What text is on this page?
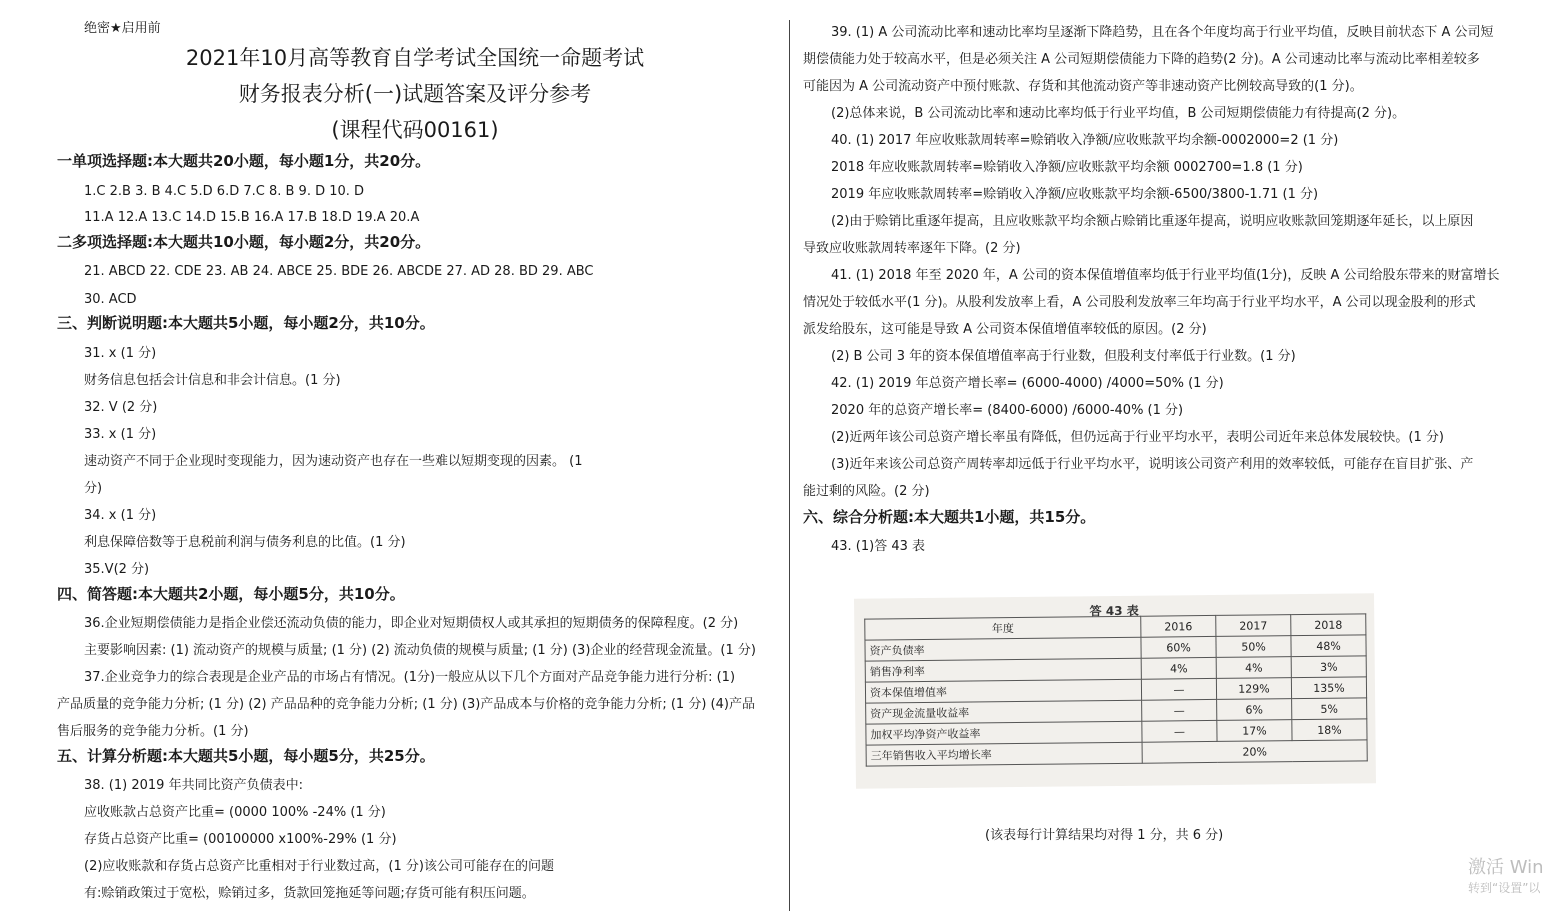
绝密★启用前
2021年10月高等教育自学考试全国统一命题考试
财务报表分析(一)试题答案及评分参考
(课程代码00161)
一单项选择题:本大题共20小题，每小题1分，共20分。
1.C 2.B 3. B 4.C 5.D 6.D 7.C 8. B 9. D 10. D
11.A 12.A 13.C 14.D 15.B 16.A 17.B 18.D 19.A 20.A
二多项选择题:本大题共10小题，每小题2分，共20分。
21. ABCD 22. CDE 23. AB 24. ABCE 25. BDE 26. ABCDE 27. AD 28. BD 29. ABC
30. ACD
三、判断说明题:本大题共5小题，每小题2分，共10分。
31. x (1 分)
财务信息包括会计信息和非会计信息。(1 分)
32. V (2 分)
33. x (1 分)
速动资产不同于企业现时变现能力，因为速动资产也存在一些难以短期变现的因素。 (1
分)
34. x (1 分)
利息保障倍数等于息税前利润与债务利息的比值。(1 分)
35.V(2 分)
四、简答题:本大题共2小题，每小题5分，共10分。
36.企业短期偿债能力是指企业偿还流动负债的能力，即企业对短期债权人或其承担的短期债务的保障程度。(2 分)
主要影响因素: (1) 流动资产的规模与质量; (1 分) (2) 流动负债的规模与质量; (1 分) (3)企业的经营现金流量。(1 分)
37.企业竞争力的综合表现是企业产品的市场占有情况。(1分)一般应从以下几个方面对产品竞争能力进行分析: (1)
产品质量的竞争能力分析; (1 分) (2) 产品品种的竞争能力分析; (1 分) (3)产品成本与价格的竞争能力分析; (1 分) (4)产品
售后服务的竞争能力分析。(1 分)
五、计算分析题:本大题共5小题，每小题5分，共25分。
38. (1) 2019 年共同比资产负债表中:
应收账款占总资产比重= (0000 100% -24% (1 分)
存货占总资产比重= (00100000 x100%-29% (1 分)
(2)应收账款和存货占总资产比重相对于行业数过高，(1 分)该公司可能存在的问题
有:赊销政策过于宽松，赊销过多，货款回笼拖延等问题;存货可能有积压问题。
39. (1) A 公司流动比率和速动比率均呈逐渐下降趋势，且在各个年度均高于行业平均值，反映目前状态下 A 公司短
期偿债能力处于较高水平，但是必须关注 A 公司短期偿债能力下降的趋势(2 分)。A 公司速动比率与流动比率相差较多
可能因为 A 公司流动资产中预付账款、存货和其他流动资产等非速动资产比例较高导致的(1 分)。
(2)总体来说，B 公司流动比率和速动比率均低于行业平均值，B 公司短期偿债能力有待提高(2 分)。
40. (1) 2017 年应收账款周转率=赊销收入净额/应收账款平均余额-0002000=2 (1 分)
2018 年应收账款周转率=赊销收入净额/应收账款平均余额 0002700=1.8 (1 分)
2019 年应收账款周转率=赊销收入净额/应收账款平均余额-6500/3800-1.71 (1 分)
(2)由于赊销比重逐年提高，且应收账款平均余额占赊销比重逐年提高，说明应收账款回笼期逐年延长，以上原因
导致应收账款周转率逐年下降。(2 分)
41. (1) 2018 年至 2020 年，A 公司的资本保值增值率均低于行业平均值(1分)，反映 A 公司给股东带来的财富增长
情况处于较低水平(1 分)。从股利发放率上看，A 公司股利发放率三年均高于行业平均水平，A 公司以现金股利的形式
派发给股东，这可能是导致 A 公司资本保值增值率较低的原因。(2 分)
(2) B 公司 3 年的资本保值增值率高于行业数，但股利支付率低于行业数。(1 分)
42. (1) 2019 年总资产增长率= (6000-4000) /4000=50% (1 分)
2020 年的总资产增长率= (8400-6000) /6000-40% (1 分)
(2)近两年该公司总资产增长率虽有降低，但仍远高于行业平均水平，表明公司近年来总体发展较快。(1 分)
(3)近年来该公司总资产周转率却远低于行业平均水平，说明该公司资产利用的效率较低，可能存在盲目扩张、产
能过剩的风险。(2 分)
六、综合分析题:本大题共1小题，共15分。
43. (1)答 43 表
答 43 表
年度	2016	2017	2018
资产负债率	60%	50%	48%
销售净利率	4%	4%	3%
资本保值增值率	—	129%	135%
资产现金流量收益率	—	6%	5%
加权平均净资产收益率	—	17%	18%
三年销售收入平均增长率	20%		
(该表每行计算结果均对得 1 分，共 6 分)
激活 Win
转到“设置”以
